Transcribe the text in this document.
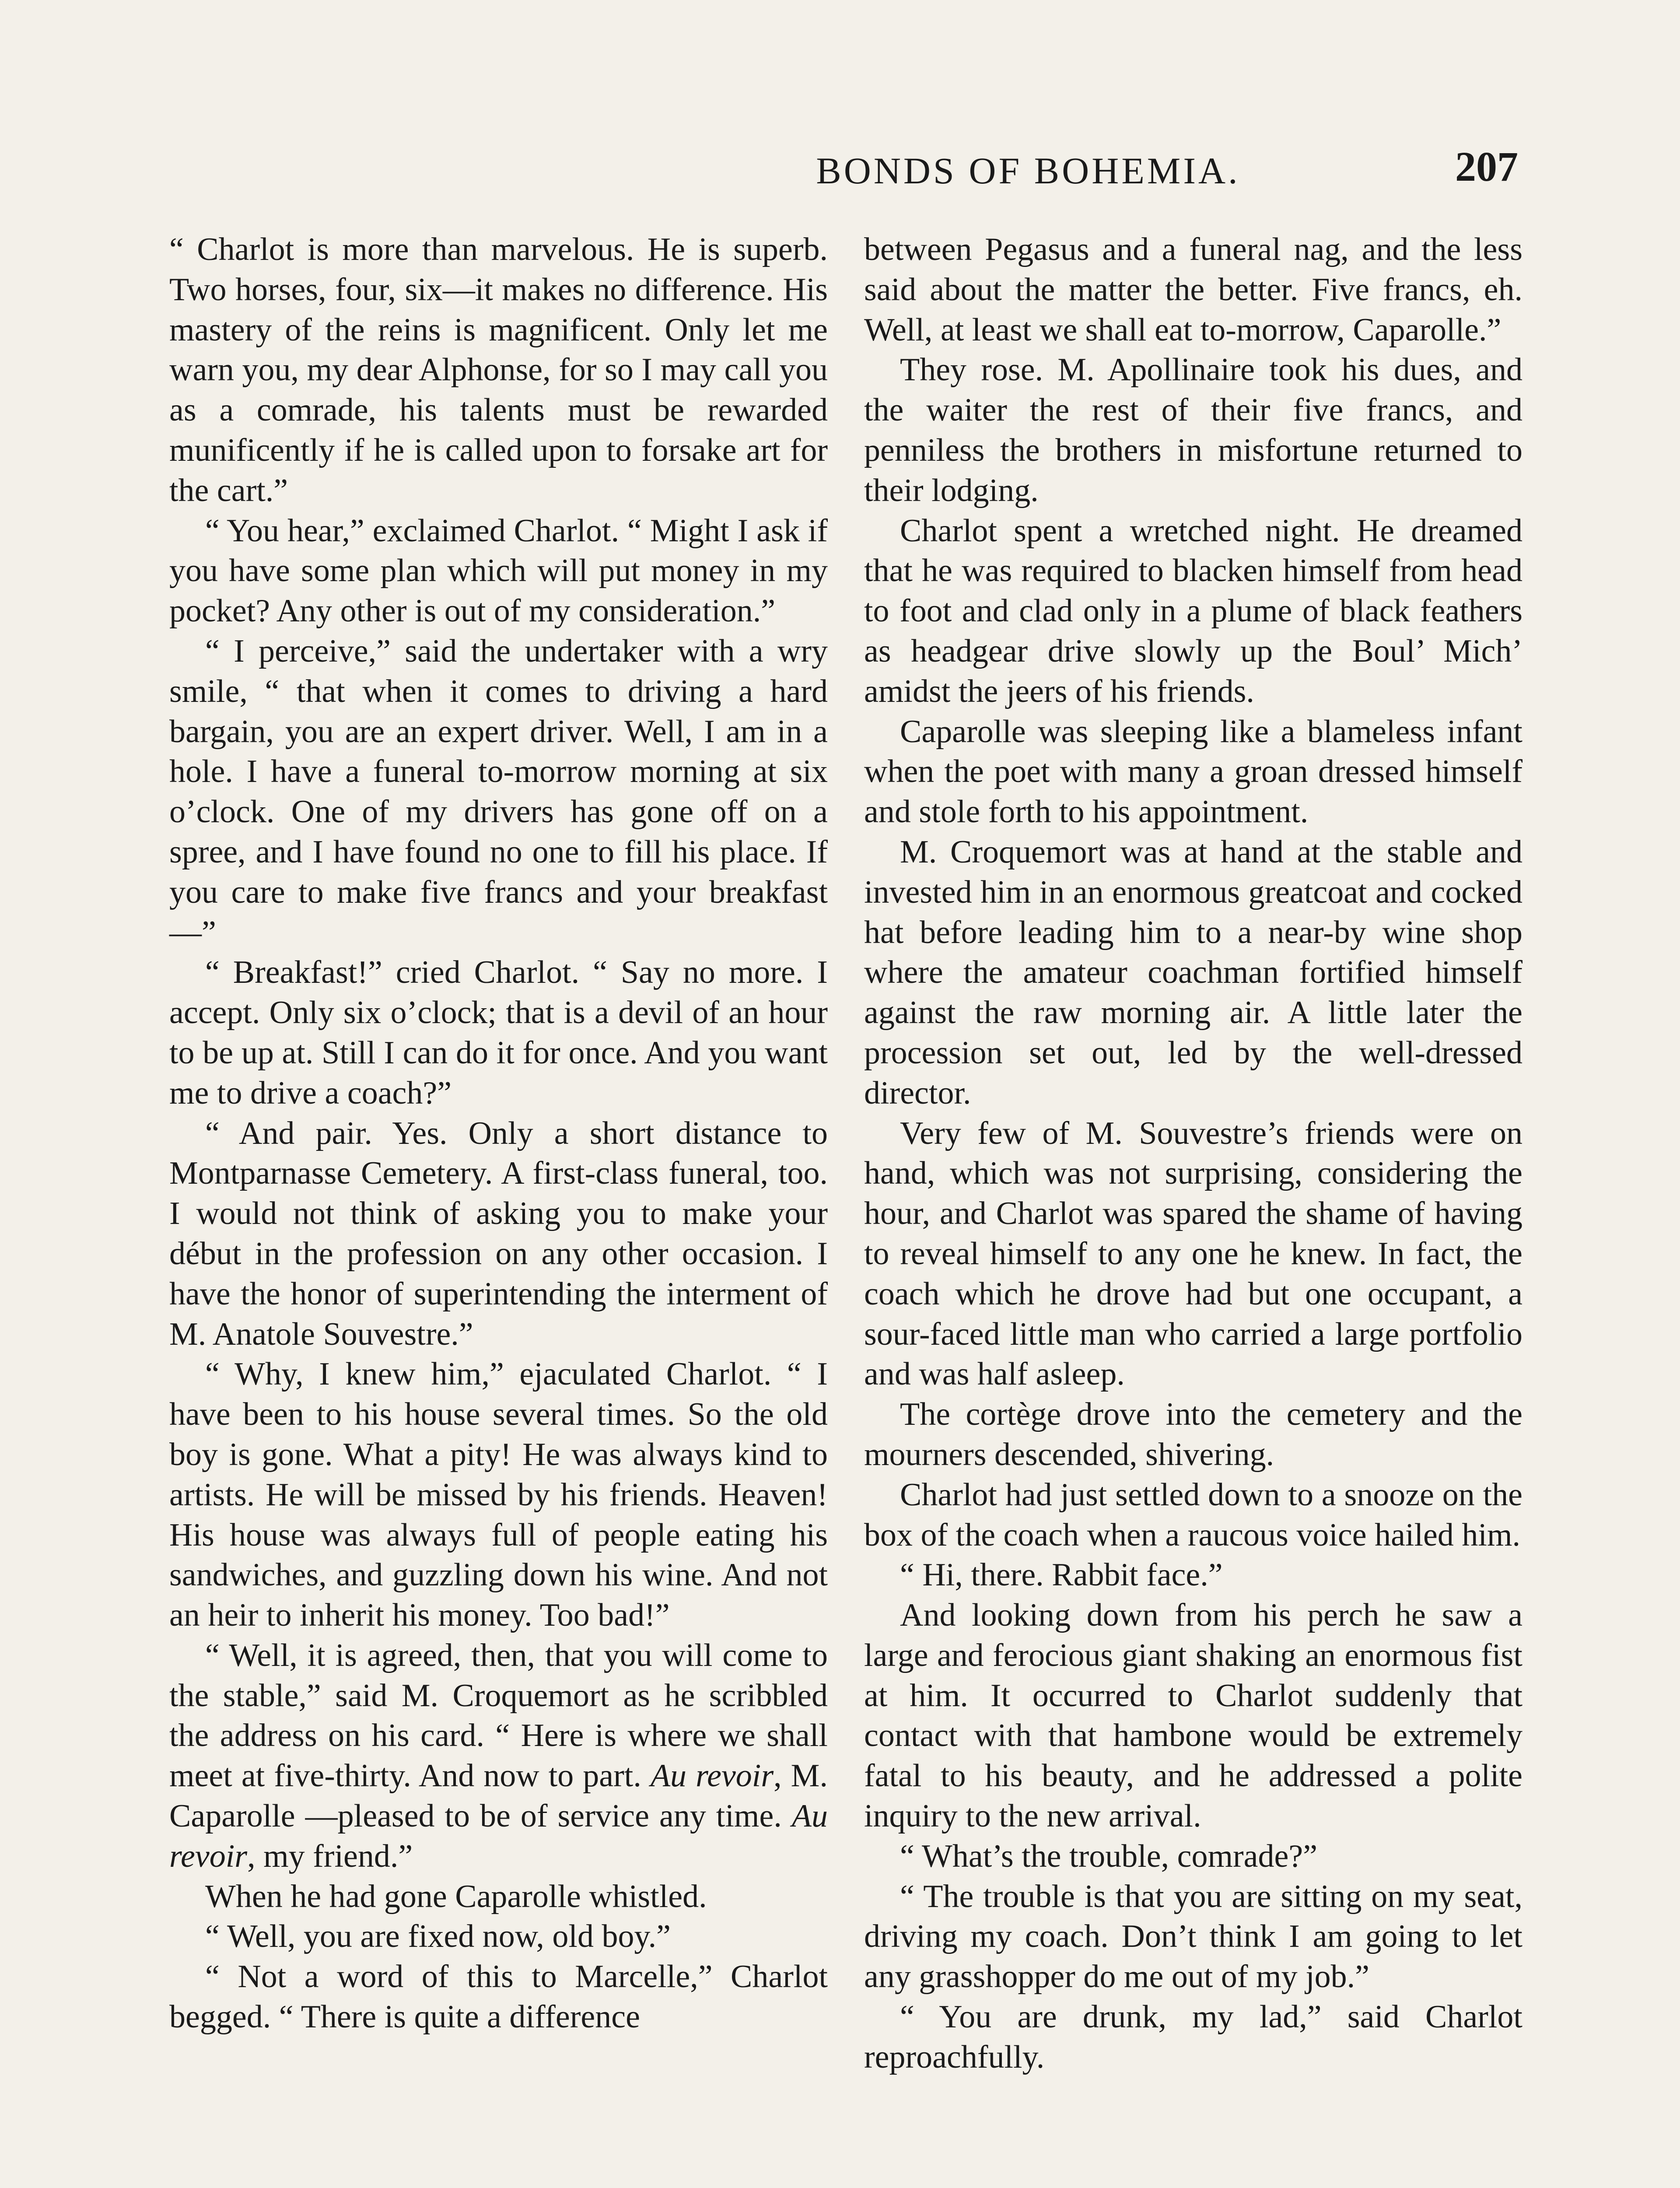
BONDS OF BOHEMIA.	207

“ Charlot is more than marvelous. He is superb. Two horses, four, six—it makes no difference. His mastery of the reins is magnificent. Only let me warn you, my dear Alphonse, for so I may call you as a comrade, his talents must be rewarded munificently if he is called upon to forsake art for the cart.”

“ You hear,” exclaimed Charlot. “ Might I ask if you have some plan which will put money in my pocket? Any other is out of my consideration.”

“ I perceive,” said the undertaker with a wry smile, “ that when it comes to driving a hard bargain, you are an expert driver. Well, I am in a hole. I have a funeral to-morrow morning at six o’clock. One of my drivers has gone off on a spree, and I have found no one to fill his place. If you care to make five francs and your breakfast—”

“ Breakfast!” cried Charlot. “ Say no more. I accept. Only six o’clock; that is a devil of an hour to be up at. Still I can do it for once. And you want me to drive a coach?”

“ And pair. Yes. Only a short distance to Montparnasse Cemetery. A first-class funeral, too. I would not think of asking you to make your début in the profession on any other occasion. I have the honor of superintending the interment of M. Anatole Souvestre.”

“ Why, I knew him,” ejaculated Charlot. “ I have been to his house several times. So the old boy is gone. What a pity! He was always kind to artists. He will be missed by his friends. Heaven! His house was always full of people eating his sandwiches, and guzzling down his wine. And not an heir to inherit his money. Too bad!”

“ Well, it is agreed, then, that you will come to the stable,” said M. Croquemort as he scribbled the address on his card. “ Here is where we shall meet at five-thirty. And now to part. Au revoir, M. Caparolle —pleased to be of service any time. Au revoir, my friend.”

When he had gone Caparolle whistled.

“ Well, you are fixed now, old boy.”

“ Not a word of this to Marcelle,” Charlot begged. “ There is quite a difference

between Pegasus and a funeral nag, and the less said about the matter the better. Five francs, eh. Well, at least we shall eat to-morrow, Caparolle.”

They rose. M. Apollinaire took his dues, and the waiter the rest of their five francs, and penniless the brothers in misfortune returned to their lodging.

Charlot spent a wretched night. He dreamed that he was required to blacken himself from head to foot and clad only in a plume of black feathers as headgear drive slowly up the Boul’ Mich’ amidst the jeers of his friends.

Caparolle was sleeping like a blameless infant when the poet with many a groan dressed himself and stole forth to his appointment.

M. Croquemort was at hand at the stable and invested him in an enormous greatcoat and cocked hat before leading him to a near-by wine shop where the amateur coachman fortified himself against the raw morning air. A little later the procession set out, led by the well-dressed director.

Very few of M. Souvestre’s friends were on hand, which was not surprising, considering the hour, and Charlot was spared the shame of having to reveal himself to any one he knew. In fact, the coach which he drove had but one occupant, a sour-faced little man who carried a large portfolio and was half asleep.

The cortège drove into the cemetery and the mourners descended, shivering.

Charlot had just settled down to a snooze on the box of the coach when a raucous voice hailed him.

“ Hi, there. Rabbit face.”

And looking down from his perch he saw a large and ferocious giant shaking an enormous fist at him. It occurred to Charlot suddenly that contact with that hambone would be extremely fatal to his beauty, and he addressed a polite inquiry to the new arrival.

“ What’s the trouble, comrade?”

“ The trouble is that you are sitting on my seat, driving my coach. Don’t think I am going to let any grasshopper do me out of my job.”

“ You are drunk, my lad,” said Charlot reproachfully.
